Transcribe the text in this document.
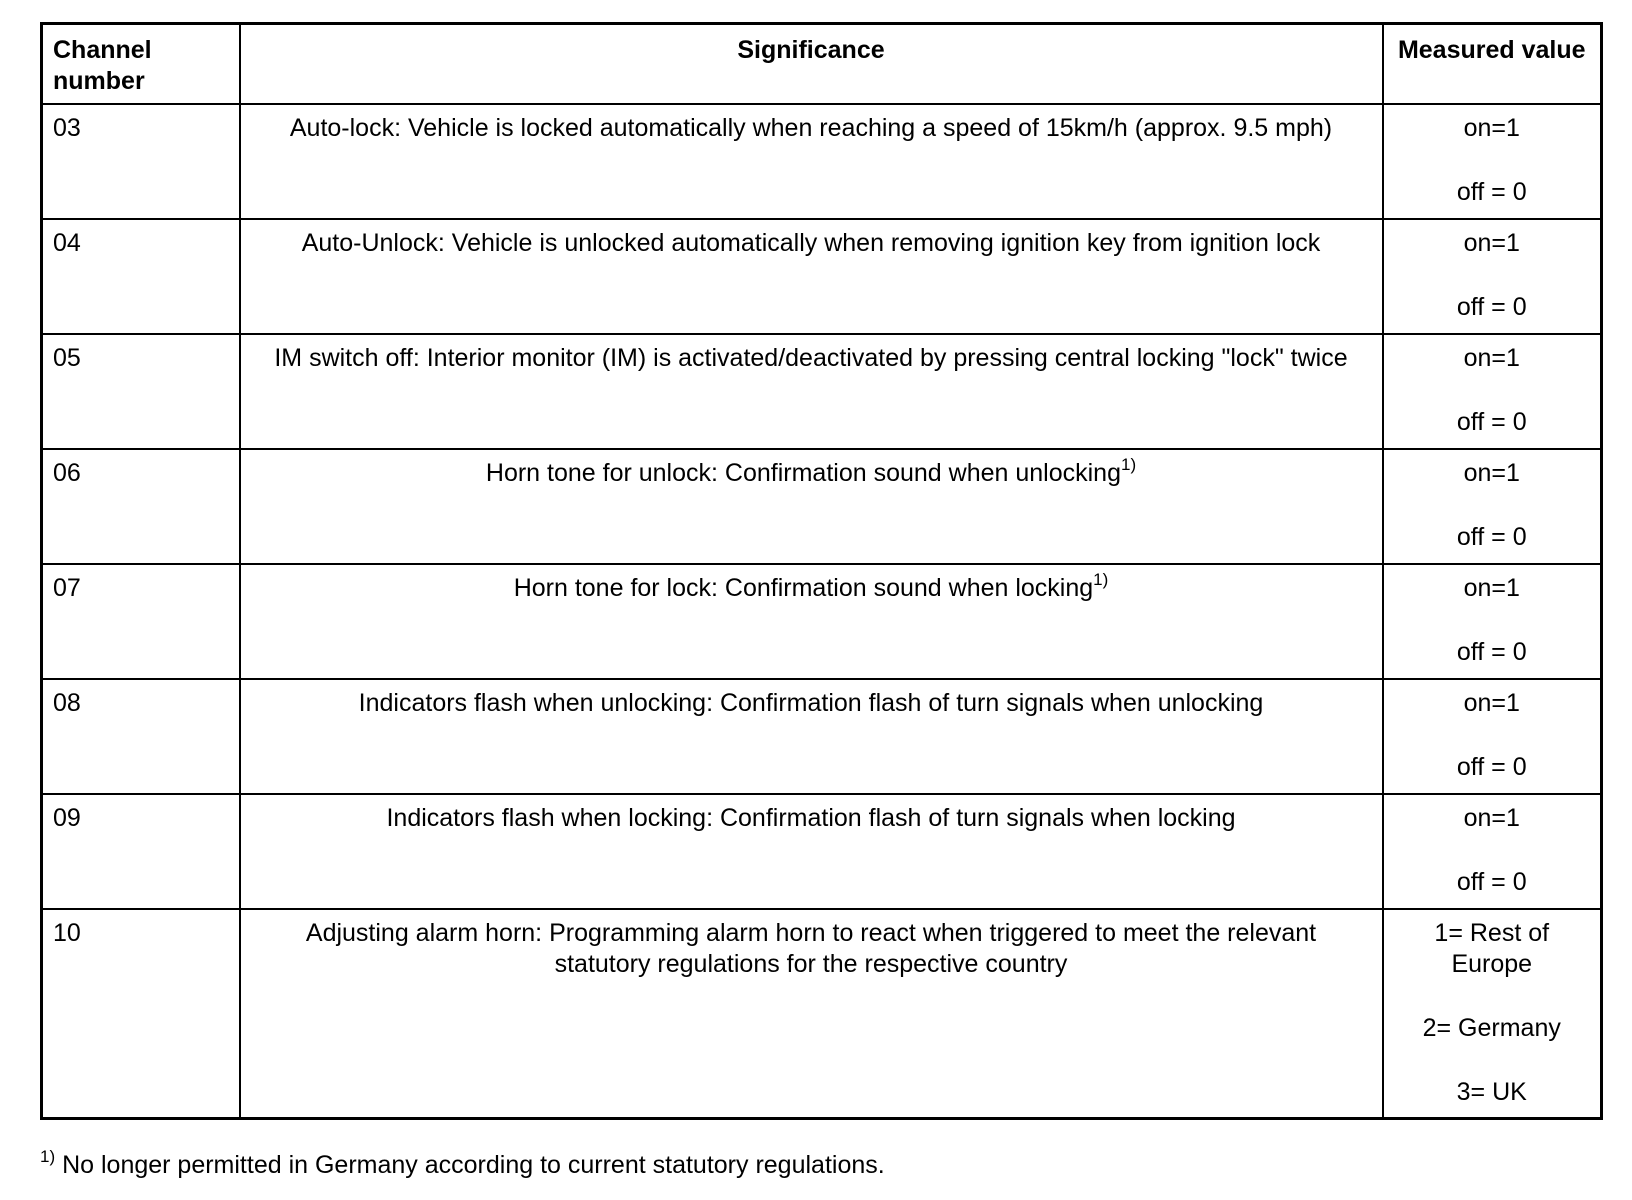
Channel number	Significance	Measured value
03	Auto-lock: Vehicle is locked automatically when reaching a speed of 15km/h (approx. 9.5 mph)	on=1
off = 0

04	Auto-Unlock: Vehicle is unlocked automatically when removing ignition key from ignition lock	on=1
off = 0

05	IM switch off: Interior monitor (IM) is activated/deactivated by pressing central locking "lock" twice	on=1
off = 0

06	Horn tone for unlock: Confirmation sound when unlocking$^{1)}$	on=1
off = 0

07	Horn tone for lock: Confirmation sound when locking$^{1)}$	on=1
off = 0

08	Indicators flash when unlocking: Confirmation flash of turn signals when unlocking	on=1
off = 0

09	Indicators flash when locking: Confirmation flash of turn signals when locking	on=1
off = 0

10	Adjusting alarm horn: Programming alarm horn to react when triggered to meet the relevant statutory regulations for the respective country	1= Rest of Europe
2= Germany
3= UK
$^{1)}$ No longer permitted in Germany according to current statutory regulations.
